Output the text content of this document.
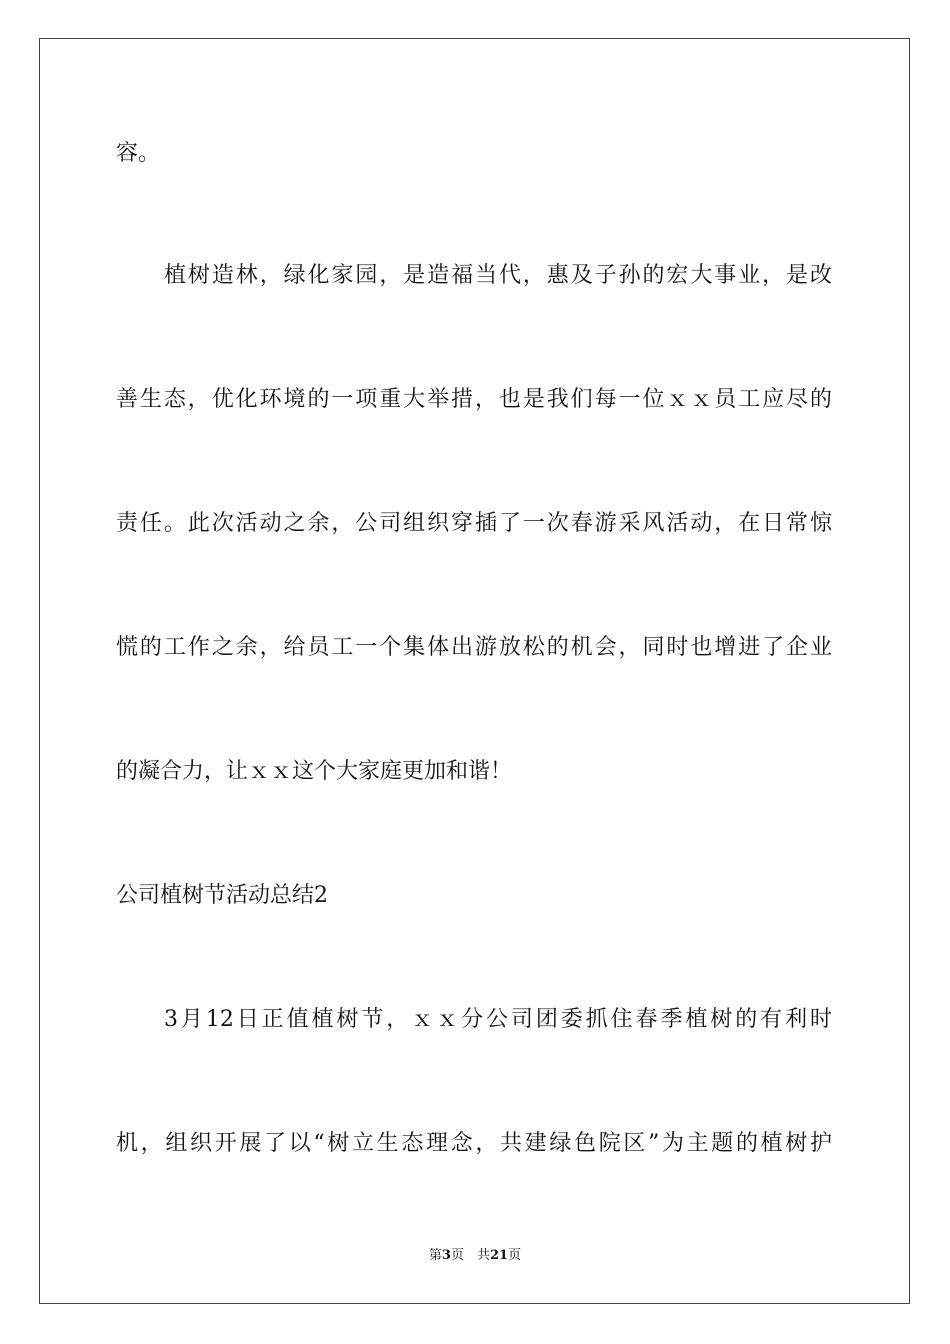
容。
植树造林，绿化家园，是造福当代，惠及子孙的宏大事业，是改
善生态，优化环境的一项重大举措，也是我们每一位ｘｘ员工应尽的
责任。此次活动之余，公司组织穿插了一次春游采风活动，在日常惊
慌的工作之余，给员工一个集体出游放松的机会，同时也增进了企业
的凝合力，让ｘｘ这个大家庭更加和谐！
公司植树节活动总结2
3月12日正值植树节，ｘｘ分公司团委抓住春季植树的有利时
机，组织开展了以“树立生态理念，共建绿色院区”为主题的植树护
第3页　共21页
